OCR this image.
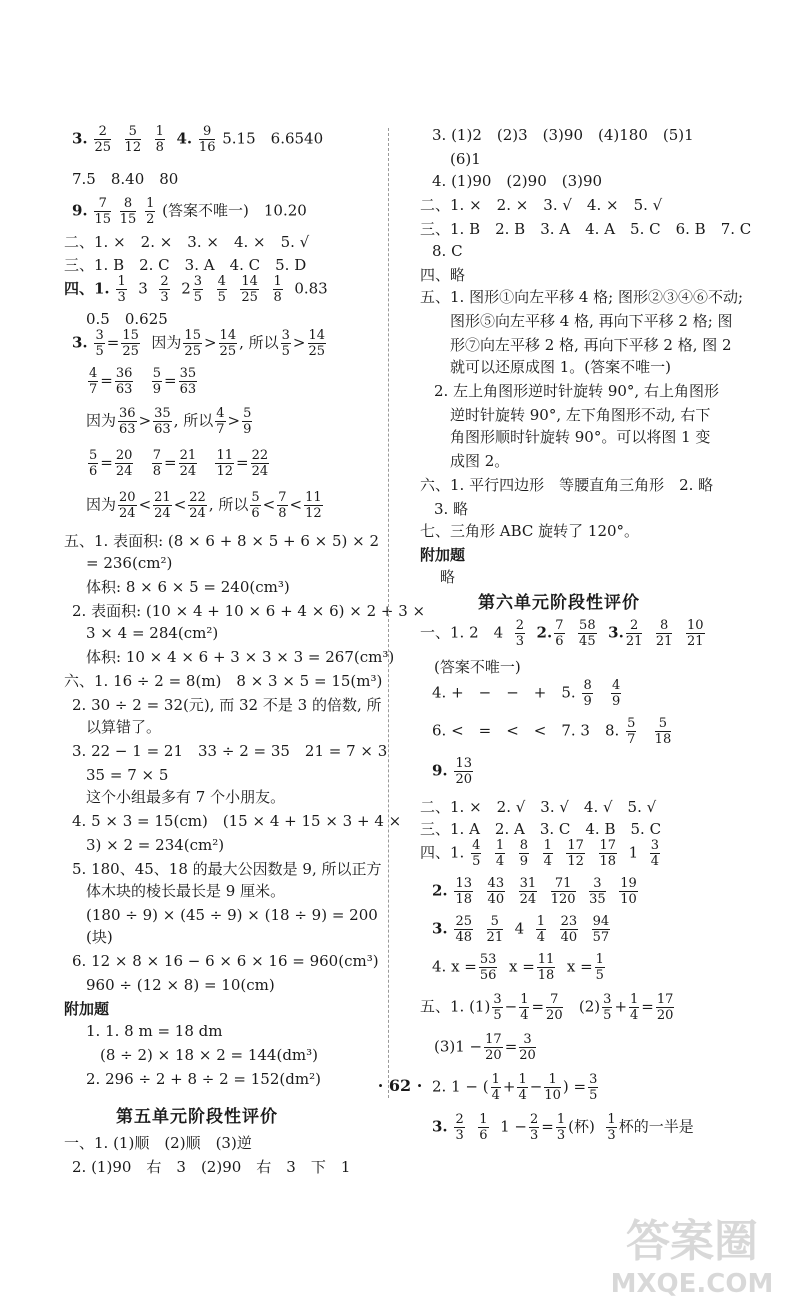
3. $\frac{2}{25}$
$\frac{5}{12}$
$\frac{1}{8} 4$. $\frac{9}{16} 5.15$　6.6540
7.5　8.40　80
9. $\frac{7}{15}$
$\frac{8}{15}$
$\frac{1}{2}$ (答案不唯一)　10.20
二、1. ×　2. ×　3. ×　4. ×　5. √
三、1. B　2. C　3. A　4. C　5. D
四、1. $\frac{1}{3} 3 \frac{2}{3} 2 \frac{3}{5}$
$\frac{4}{5}$
$\frac{14}{25}$
$\frac{1}{8} 0.83$
0.5　0.625
3. $\frac{3}{5} = \frac{15}{25}$ 因为 $\frac{15}{25} > \frac{14}{25}$ , 所以 $\frac{3}{5} > \frac{14}{25}$
$\frac{4}{7} = \frac{36}{63}$
$\frac{5}{9} = \frac{35}{63}$
因为 $\frac{36}{63} > \frac{35}{63}$ , 所以 $\frac{4}{7} > \frac{5}{9}$
$\frac{5}{6} = \frac{20}{24}$
$\frac{7}{8} = \frac{21}{24}$
$\frac{11}{12} = \frac{22}{24}$
因为 $\frac{20}{24} < \frac{21}{24} < \frac{22}{24}$ , 所以 $\frac{5}{6} < \frac{7}{8} < \frac{11}{12}$
五、1. 表面积: (8 × 6 + 8 × 5 + 6 × 5) × 2
= 236(cm²)
体积: 8 × 6 × 5 = 240(cm³)
2. 表面积: (10 × 4 + 10 × 6 + 4 × 6) × 2 + 3 ×
3 × 4 = 284(cm²)
体积: 10 × 4 × 6 + 3 × 3 × 3 = 267(cm³)
六、1. 16 ÷ 2 = 8(m)　8 × 3 × 5 = 15(m³)
2. 30 ÷ 2 = 32(元), 而 32 不是 3 的倍数, 所
以算错了。
3. 22 − 1 = 21　33 ÷ 2 = 35　21 = 7 × 3
35 = 7 × 5
这个小组最多有 7 个小朋友。
4. 5 × 3 = 15(cm)　(15 × 4 + 15 × 3 + 4 ×
3) × 2 = 234(cm²)
5. 180、45、18 的最大公因数是 9, 所以正方
体木块的棱长最长是 9 厘米。
(180 ÷ 9) × (45 ÷ 9) × (18 ÷ 9) = 200
(块)
6. 12 × 8 × 16 − 6 × 6 × 16 = 960(cm³)
960 ÷ (12 × 8) = 10(cm)
附加题
1. 1. 8 m = 18 dm
(8 ÷ 2) × 18 × 2 = 144(dm³)
2. 296 ÷ 2 + 8 ÷ 2 = 152(dm²)
第五单元阶段性评价
一、1. (1)顺　(2)顺　(3)逆
2. (1)90　右　3　(2)90　右　3　下　1
3. (1)2　(2)3　(3)90　(4)180　(5)1
(6)1
4. (1)90　(2)90　(3)90
二、1. ×　2. ×　3. √　4. ×　5. √
三、1. B　2. B　3. A　4. A　5. C　6. B　7. C
8. C
四、略
五、1. 图形①向左平移 4 格; 图形②③④⑥不动;
图形⑤向左平移 4 格, 再向下平移 2 格; 图
形⑦向左平移 2 格, 再向下平移 2 格, 图 2
就可以还原成图 1。(答案不唯一)
2. 左上角图形逆时针旋转 90°, 右上角图形
逆时针旋转 90°, 左下角图形不动, 右下
角图形顺时针旋转 90°。可以将图 1 变
成图 2。
六、1. 平行四边形　等腰直角三角形　2. 略
3. 略
七、三角形 ABC 旋转了 120°。
附加题
略
第六单元阶段性评价
一、1. 2　$4 \frac{2}{3} 2$. $\frac{7}{6}$
$\frac{58}{45} 3$. $\frac{2}{21}$
$\frac{8}{21}$
$\frac{10}{21}$
(答案不唯一)
4. +　−　−　+　5. $\frac{8}{9}$
$\frac{4}{9}$
6. <　=　<　<　7. 3　8. $\frac{5}{7}$
$\frac{5}{18}$
9. $\frac{13}{20}$
二、1. ×　2. √　3. √　4. √　5. √
三、1. A　2. A　3. C　4. B　5. C
四、1. $\frac{4}{5}$
$\frac{1}{4}$
$\frac{8}{9}$
$\frac{1}{4}$
$\frac{17}{12}$
$\frac{17}{18} 1 \frac{3}{4}$
2. $\frac{13}{18}$
$\frac{43}{40}$
$\frac{31}{24}$
$\frac{71}{120}$
$\frac{3}{35}$
$\frac{19}{10}$
3. $\frac{25}{48}$
$\frac{5}{21} 4 \frac{1}{4}$
$\frac{23}{40}$
$\frac{94}{57}$
4. $x = \frac{53}{56}$ $x = \frac{11}{18}$ $x = \frac{1}{5}$
五、1. $(1) \frac{3}{5} - \frac{1}{4} = \frac{7}{20} (2) \frac{3}{5} + \frac{1}{4} = \frac{17}{20}$
$(3)1 - \frac{17}{20} = \frac{3}{20}$
2. 1 − ( $\frac{1}{4} + \frac{1}{4} - \frac{1}{10}$ ) = $\frac{3}{5}$
3. $\frac{2}{3}$
$\frac{1}{6} 1 - \frac{2}{3} = \frac{1}{3}$ (杯) $\frac{1}{3}$ 杯的一半是
· 62 ·
答案圈
MXQE.COM
